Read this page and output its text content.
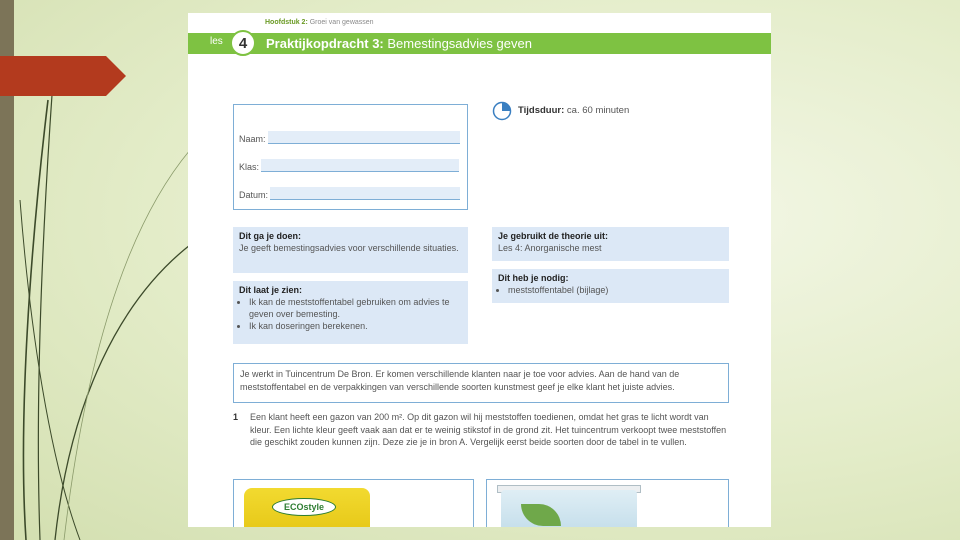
Hoofdstuk 2: Groei van gewassen
les	4	Praktijkopdracht 3: Bemestingsadvies geven
Naam:
Klas:
Datum:
Tijdsduur: ca. 60 minuten
Dit ga je doen:
Je geeft bemestingsadvies voor verschillende situaties.
Dit laat je zien:
• Ik kan de meststoffentabel gebruiken om advies te geven over bemesting.
• Ik kan doseringen berekenen.
Je gebruikt de theorie uit:
Les 4: Anorganische mest
Dit heb je nodig:
• meststoffentabel (bijlage)
Je werkt in Tuincentrum De Bron. Er komen verschillende klanten naar je toe voor advies. Aan de hand van de meststoffentabel en de verpakkingen van verschillende soorten kunstmest geef je elke klant het juiste advies.
1 Een klant heeft een gazon van 200 m². Op dit gazon wil hij meststoffen toedienen, omdat het gras te licht wordt van kleur. Een lichte kleur geeft vaak aan dat er te weinig stikstof in de grond zit. Het tuincentrum verkoopt twee meststoffen die geschikt zouden kunnen zijn. Deze zie je in bron A. Vergelijk eerst beide soorten door de tabel in te vullen.
ECOstyle
